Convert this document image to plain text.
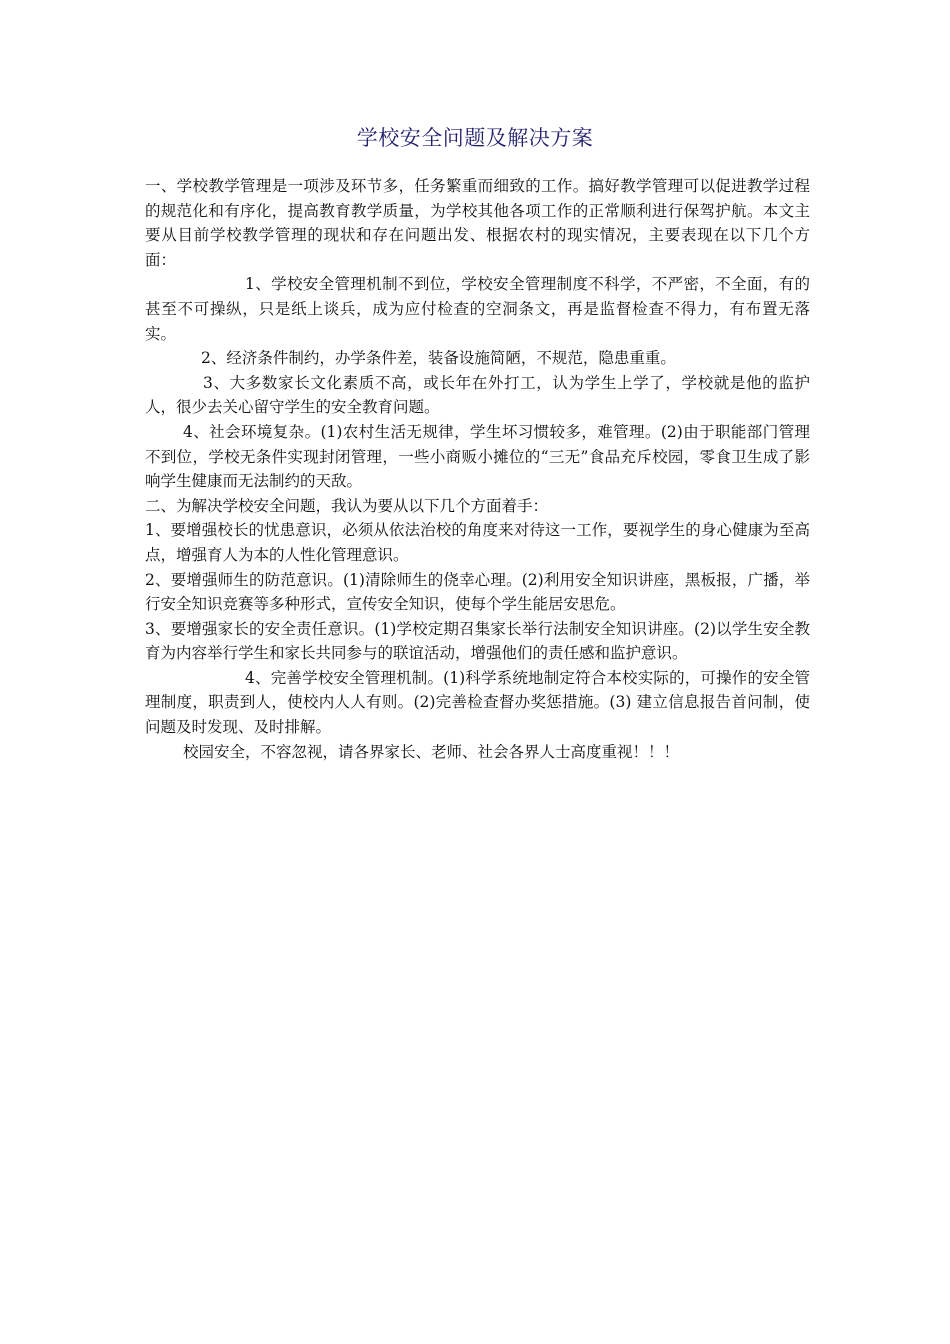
学校安全问题及解决方案

一、学校教学管理是一项涉及环节多，任务繁重而细致的工作。搞好教学管理可以促进教学过程的规范化和有序化，提高教育教学质量，为学校其他各项工作的正常顺利进行保驾护航。本文主要从目前学校教学管理的现状和存在问题出发、根据农村的现实情况，主要表现在以下几个方面：

1、学校安全管理机制不到位，学校安全管理制度不科学，不严密，不全面，有的甚至不可操纵，只是纸上谈兵，成为应付检查的空洞条文，再是监督检查不得力，有布置无落实。

2、经济条件制约，办学条件差，装备设施简陋，不规范，隐患重重。

3、大多数家长文化素质不高，或长年在外打工，认为学生上学了，学校就是他的监护人，很少去关心留守学生的安全教育问题。

4、社会环境复杂。(1)农村生活无规律，学生坏习惯较多，难管理。(2)由于职能部门管理不到位，学校无条件实现封闭管理，一些小商贩小摊位的“三无”食品充斥校园，零食卫生成了影响学生健康而无法制约的天敌。

二、为解决学校安全问题，我认为要从以下几个方面着手：

1、要增强校长的忧患意识，必须从依法治校的角度来对待这一工作，要视学生的身心健康为至高点，增强育人为本的人性化管理意识。

2、要增强师生的防范意识。(1)清除师生的侥幸心理。(2)利用安全知识讲座，黑板报，广播，举行安全知识竞赛等多种形式，宣传安全知识，使每个学生能居安思危。

3、要增强家长的安全责任意识。(1)学校定期召集家长举行法制安全知识讲座。(2)以学生安全教育为内容举行学生和家长共同参与的联谊活动，增强他们的责任感和监护意识。

4、完善学校安全管理机制。(1)科学系统地制定符合本校实际的，可操作的安全管理制度，职责到人，使校内人人有则。(2)完善检查督办奖惩措施。(3) 建立信息报告首问制，使问题及时发现、及时排解。

校园安全，不容忽视，请各界家长、老师、社会各界人士高度重视！！！
